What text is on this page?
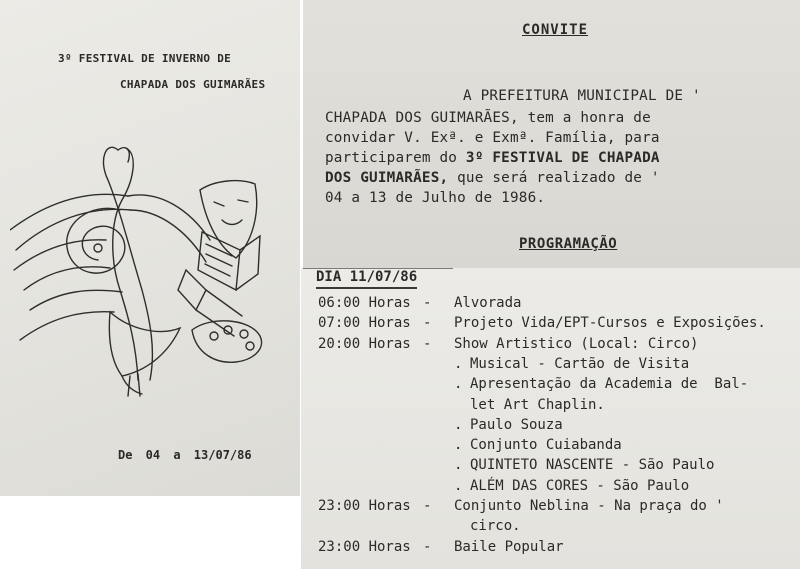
3º FESTIVAL DE INVERNO DE
CHAPADA DOS GUIMARÃES
De 04 a 13/07/86
CONVITE
A PREFEITURA MUNICIPAL DE '
CHAPADA DOS GUIMARÃES, tem a honra de
convidar V. Exª. e Exmª. Família, para
participarem do 3º FESTIVAL DE CHAPADA
DOS GUIMARÃES, que será realizado de '
04 a 13 de Julho de 1986.
PROGRAMAÇÃO
DIA 11/07/86
06:00 Horas - Alvorada
07:00 Horas - Projeto Vida/EPT-Cursos e Exposições.
20:00 Horas - Show Artistico (Local: Circo)
. Musical - Cartão de Visita
. Apresentação da Academia de  Bal-
let Art Chaplin.
. Paulo Souza
. Conjunto Cuiabanda
. QUINTETO NASCENTE - São Paulo
. ALÉM DAS CORES - São Paulo
23:00 Horas - Conjunto Neblina - Na praça do '
circo.
23:00 Horas - Baile Popular
